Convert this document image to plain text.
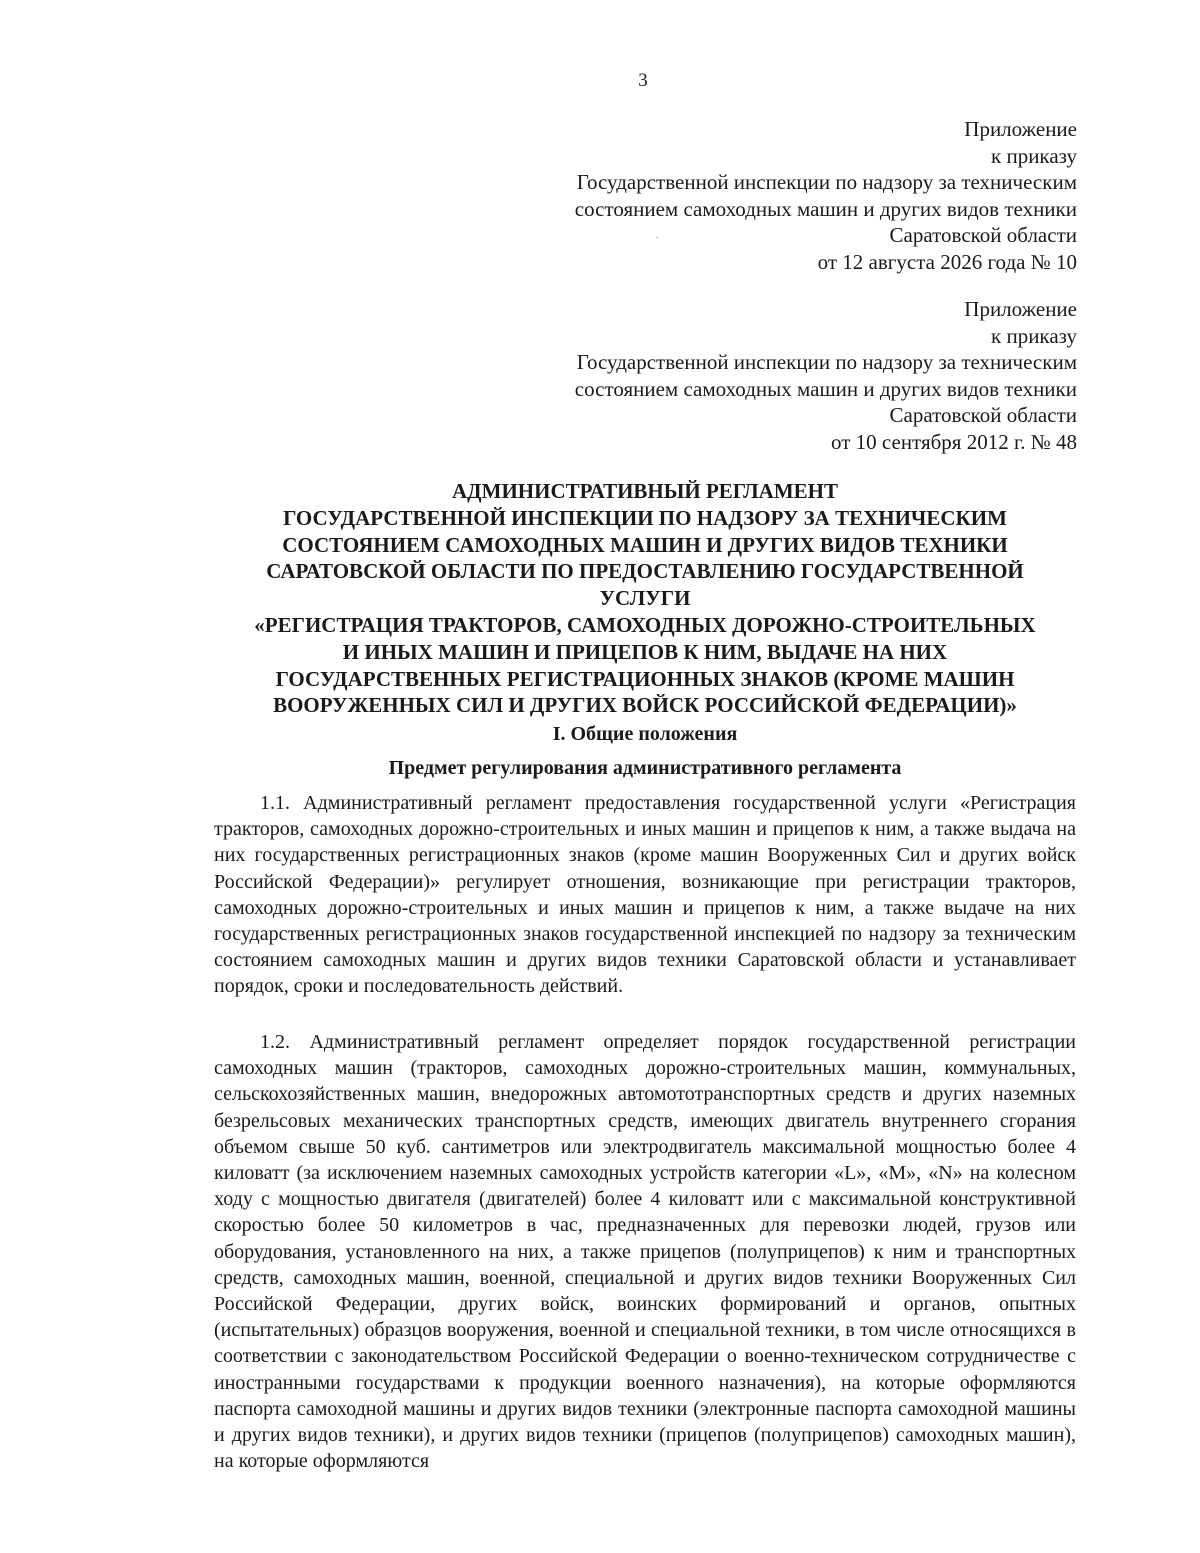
3
Приложение
к приказу
Государственной инспекции по надзору за техническим
состоянием самоходных машин и других видов техники
Саратовской области
от 12 августа 2026 года № 10
Приложение
к приказу
Государственной инспекции по надзору за техническим
состоянием самоходных машин и других видов техники
Саратовской области
от 10 сентября 2012 г. № 48
АДМИНИСТРАТИВНЫЙ РЕГЛАМЕНТ
ГОСУДАРСТВЕННОЙ ИНСПЕКЦИИ ПО НАДЗОРУ ЗА ТЕХНИЧЕСКИМ
СОСТОЯНИЕМ САМОХОДНЫХ МАШИН И ДРУГИХ ВИДОВ ТЕХНИКИ
САРАТОВСКОЙ ОБЛАСТИ ПО ПРЕДОСТАВЛЕНИЮ ГОСУДАРСТВЕННОЙ
УСЛУГИ
«РЕГИСТРАЦИЯ ТРАКТОРОВ, САМОХОДНЫХ ДОРОЖНО-СТРОИТЕЛЬНЫХ
И ИНЫХ МАШИН И ПРИЦЕПОВ К НИМ, ВЫДАЧЕ НА НИХ
ГОСУДАРСТВЕННЫХ РЕГИСТРАЦИОННЫХ ЗНАКОВ (КРОМЕ МАШИН
ВООРУЖЕННЫХ СИЛ И ДРУГИХ ВОЙСК РОССИЙСКОЙ ФЕДЕРАЦИИ)»
I. Общие положения
Предмет регулирования административного регламента

1.1. Административный регламент предоставления государственной услуги «Регистрация тракторов, самоходных дорожно-строительных и иных машин и прицепов к ним, а также выдача на них государственных регистрационных знаков (кроме машин Вооруженных Сил и других войск Российской Федерации)» регулирует отношения, возникающие при регистрации тракторов, самоходных дорожно-строительных и иных машин и прицепов к ним, а также выдаче на них государственных регистрационных знаков государственной инспекцией по надзору за техническим состоянием самоходных машин и других видов техники Саратовской области и устанавливает порядок, сроки и последовательность действий.

1.2. Административный регламент определяет порядок государственной регистрации самоходных машин (тракторов, самоходных дорожно-строительных машин, коммунальных, сельскохозяйственных машин, внедорожных автомототранспортных средств и других наземных безрельсовых механических транспортных средств, имеющих двигатель внутреннего сгорания объемом свыше 50 куб. сантиметров или электродвигатель максимальной мощностью более 4 киловатт (за исключением наземных самоходных устройств категории «L», «M», «N» на колесном ходу с мощностью двигателя (двигателей) более 4 киловатт или с максимальной конструктивной скоростью более 50 километров в час, предназначенных для перевозки людей, грузов или оборудования, установленного на них, а также прицепов (полуприцепов) к ним и транспортных средств, самоходных машин, военной, специальной и других видов техники Вооруженных Сил Российской Федерации, других войск, воинских формирований и органов, опытных (испытательных) образцов вооружения, военной и специальной техники, в том числе относящихся в соответствии с законодательством Российской Федерации о военно-техническом сотрудничестве с иностранными государствами к продукции военного назначения), на которые оформляются паспорта самоходной машины и других видов техники (электронные паспорта самоходной машины и других видов техники), и других видов техники (прицепов (полуприцепов) самоходных машин), на которые оформляются
